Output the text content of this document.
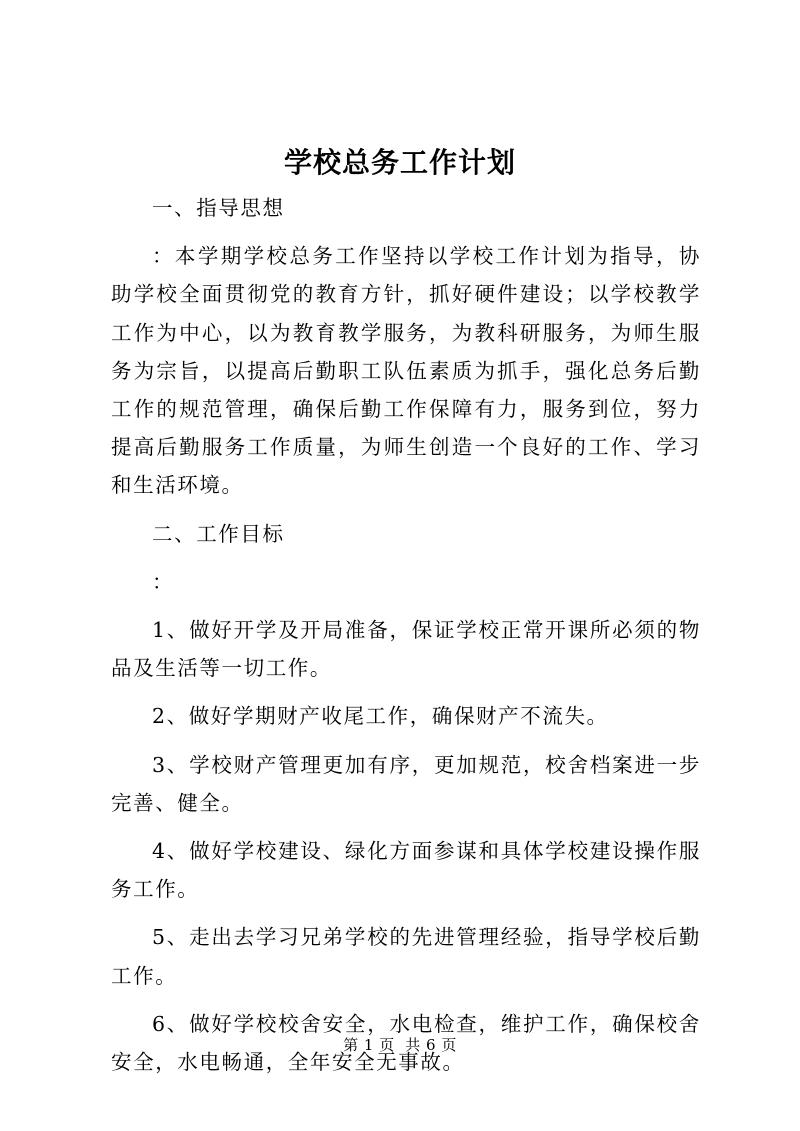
学校总务工作计划

一、指导思想

：本学期学校总务工作坚持以学校工作计划为指导，协助学校全面贯彻党的教育方针，抓好硬件建设；以学校教学工作为中心，以为教育教学服务，为教科研服务，为师生服务为宗旨，以提高后勤职工队伍素质为抓手，强化总务后勤工作的规范管理，确保后勤工作保障有力，服务到位，努力提高后勤服务工作质量，为师生创造一个良好的工作、学习和生活环境。

二、工作目标

：

1、做好开学及开局准备，保证学校正常开课所必须的物品及生活等一切工作。

2、做好学期财产收尾工作，确保财产不流失。

3、学校财产管理更加有序，更加规范，校舍档案进一步完善、健全。

4、做好学校建设、绿化方面参谋和具体学校建设操作服务工作。

5、走出去学习兄弟学校的先进管理经验，指导学校后勤工作。

6、做好学校校舍安全，水电检查，维护工作，确保校舍安全，水电畅通，全年安全无事故。

第 1 页 共 6 页
